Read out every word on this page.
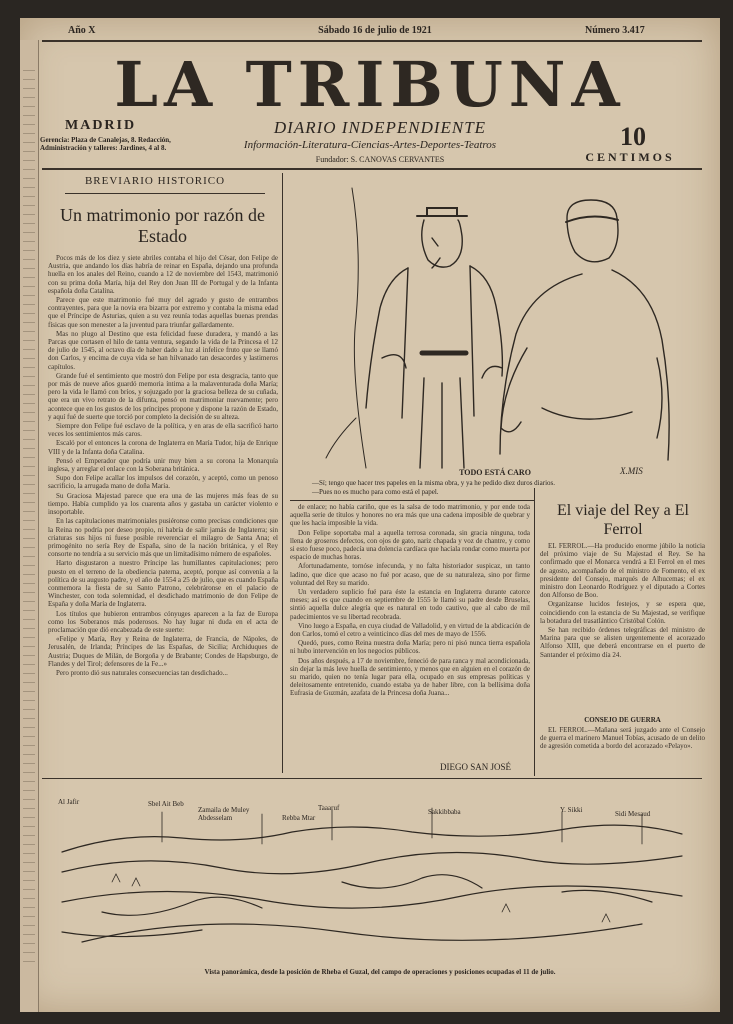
Año X	Sábado 16 de julio de 1921	Número 3.417
LA TRIBUNA
MADRID
Gerencia: Plaza de Canalejas, 8. Redacción, Administración y talleres: Jardines, 4 al 8.
DIARIO INDEPENDIENTE
Información-Literatura-Ciencias-Artes-Deportes-Teatros
Fundador: S. CANOVAS CERVANTES
10
CENTIMOS
BREVIARIO HISTORICO
Un matrimonio por razón de Estado

Pocos más de los diez y siete abriles contaba el hijo del César, don Felipe de Austria, que andando los días habría de reinar en España, dejando una profunda huella en los anales del Reino, cuando a 12 de noviembre del 1543, matrimonió con su prima doña María, hija del Rey don Juan III de Portugal y de la Infanta española doña Catalina.

Parece que este matrimonio fué muy del agrado y gusto de entrambos contrayentes, para que la novia era bizarra por extremo y contaba la misma edad que el Príncipe de Asturias, quien a su vez reunía todas aquellas buenas prendas físicas que son menester a la juventud para triunfar gallardamente.

Mas no plugo al Destino que esta felicidad fuese duradera, y mandó a las Parcas que cortasen el hilo de tanta ventura, segando la vida de la Princesa el 12 de julio de 1545, al octavo día de haber dado a luz al infelice fruto que se llamó don Carlos, y encima de cuya vida se han hilvanado tan desacordes y lastimeros capítulos.

Grande fué el sentimiento que mostró don Felipe por esta desgracia, tanto que por más de nueve años guardó memoria íntima a la malaventurada doña María; pero la vida le llamó con bríos, y sojuzgado por la graciosa belleza de su cuñada, que era un vivo retrato de la difunta, pensó en matrimoniar nuevamente; pero acontece que en los gustos de los príncipes propone y dispone la razón de Estado, y aquí fué de suerte que torció por completo la decisión de su alteza.

Siempre don Felipe fué esclavo de la política, y en aras de ella sacrificó harto veces los sentimientos más caros.

Escaló por el entonces la corona de Inglaterra en María Tudor, hija de Enrique VIII y de la Infanta doña Catalina.

Pensó el Emperador que podría unir muy bien a su corona la Monarquía inglesa, y arreglar el enlace con la Soberana británica.

Supo don Felipe acallar los impulsos del corazón, y aceptó, como un penoso sacrificio, la arrugada mano de doña María.

Su Graciosa Majestad parece que era una de las mujeres más feas de su tiempo. Había cumplido ya los cuarenta años y gastaba un carácter violento e insoportable.

En las capitulaciones matrimoniales pusiéronse como precisas condiciones que la Reina no podría por deseo propio, ni habría de salir jamás de Inglaterra; sin criaturas sus hijos ni fuese posible reverenciar el milagro de Santa Ana; el primogénito no sería Rey de España, sino de la nación británica, y el Rey consorte no tendría a su servicio más que un limitadísimo número de españoles.

Harto disgustaron a nuestro Príncipe las humillantes capitulaciones; pero puesto en el terreno de la obediencia paterna, aceptó, porque así convenía a la política de su augusto padre, y el año de 1554 a 25 de julio, que es cuando España conmemora la fiesta de su Santo Patrono, celebráronse en el palacio de Winchester, con toda solemnidad, el desdichado matrimonio de don Felipe de España y doña María de Inglaterra.

Los títulos que hubieron entrambos cónyuges aparecen a la faz de Europa como los Soberanos más poderosos. No hay lugar ni duda en el acta de proclamación que dió encabezada de este suerte:

«Felipe y María, Rey y Reina de Inglaterra, de Francia, de Nápoles, de Jerusalén, de Irlanda; Príncipes de las Españas, de Sicilia; Archiduques de Austria; Duques de Milán, de Borgoña y de Brabante; Condes de Hapsburgo, de Flandes y del Tirol; defensores de la Fe...»

Pero pronto dió sus naturales consecuencias tan desdichado...

X.MIS
TODO ESTÁ CARO
—Sí; tengo que hacer tres papeles en la misma obra, y ya he pedido diez duros diarios.
—Pues no es mucho para como está el papel.

de enlace; no había cariño, que es la salsa de todo matrimonio, y por ende toda aquella serie de títulos y honores no era más que una cadena imposible de quebrar y que les hacía imposible la vida.

Don Felipe soportaba mal a aquella terrosa coronada, sin gracia ninguna, toda llena de groseros defectos, con ojos de gato, nariz chapada y voz de chantre, y como si esto fuese poco, padecía una dolencia cardíaca que hacíala rondar como muerta por espacio de muchas horas.

Afortunadamente, tornóse infecunda, y no falta historiador suspicaz, un tanto ladino, que dice que acaso no fué por acaso, que de su naturaleza, sino por firme voluntad del Rey su marido.

Un verdadero suplicio fué para éste la estancia en Inglaterra durante catorce meses; así es que cuando en septiembre de 1555 le llamó su padre desde Bruselas, sintió aquella dulce alegría que es natural en todo cautivo, que al cabo de mil padecimientos ve su libertad recobrada.

Vino luego a España, en cuya ciudad de Valladolid, y en virtud de la abdicación de don Carlos, tomó el cetro a veinticinco días del mes de mayo de 1556.

Quedó, pues, como Reina nuestra doña María; pero ni pisó nunca tierra española ni hubo intervención en los negocios públicos.

Dos años después, a 17 de noviembre, feneció de para ranca y mal acondicionada, sin dejar la más leve huella de sentimiento, y menos que en alguien en el corazón de su marido, quien no tenía lugar para ella, ocupado en sus empresas políticas y deleitosamente entretenido, cuando estaba ya de haber libre, con la bellísima doña Eufrasia de Guzmán, azafata de la Princesa doña Juana...

DIEGO SAN JOSÉ
El viaje del Rey a El Ferrol

EL FERROL.—Ha producido enorme júbilo la noticia del próximo viaje de Su Majestad el Rey. Se ha confirmado que el Monarca vendrá a El Ferrol en el mes de agosto, acompañado de el ministro de Fomento, el ex presidente del Consejo, marqués de Alhucemas; el ex ministro don Leonardo Rodríguez y el diputado a Cortes don Alfonso de Boo.

Organízanse lucidos festejos, y se espera que, coincidiendo con la estancia de Su Majestad, se verifique la botadura del trasatlántico Cristóbal Colón.

Se han recibido órdenes telegráficas del ministro de Marina para que se alisten urgentemente el acorazado Alfonso XIII, que deberá encontrarse en el puerto de Santander el próximo día 24.

CONSEJO DE GUERRA

EL FERROL.—Mañana será juzgado ante el Consejo de guerra el marinero Manuel Tobías, acusado de un delito de agresión cometida a bordo del acorazado «Pelayo».

Al Jafir	Sbel Ait Beb
Zamaila de Muley Abdesselam
Taaaruf
Rebba Mtar
Sakkibbaba	Sidi Mesaud
Y. Sikki
Vista panorámica, desde la posición de Rheba el Guzal, del campo de operaciones y posiciones ocupadas el 11 de julio.
